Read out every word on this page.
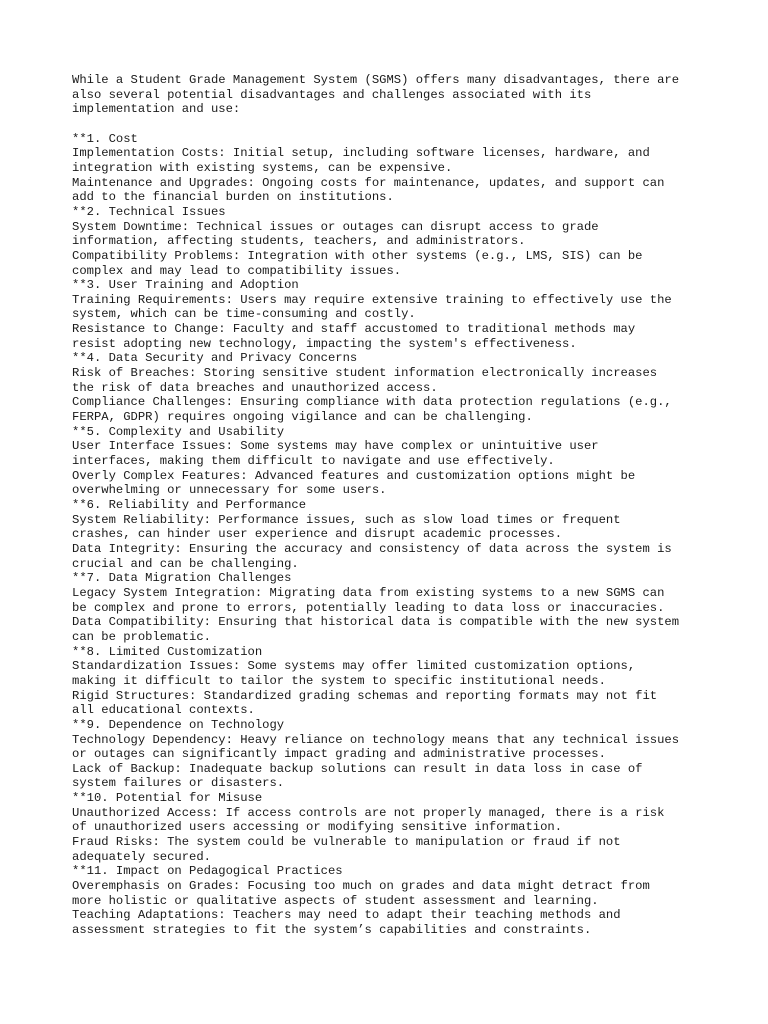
While a Student Grade Management System (SGMS) offers many disadvantages, there are
also several potential disadvantages and challenges associated with its
implementation and use:
**1. Cost
Implementation Costs: Initial setup, including software licenses, hardware, and
integration with existing systems, can be expensive.
Maintenance and Upgrades: Ongoing costs for maintenance, updates, and support can
add to the financial burden on institutions.
**2. Technical Issues
System Downtime: Technical issues or outages can disrupt access to grade
information, affecting students, teachers, and administrators.
Compatibility Problems: Integration with other systems (e.g., LMS, SIS) can be
complex and may lead to compatibility issues.
**3. User Training and Adoption
Training Requirements: Users may require extensive training to effectively use the
system, which can be time-consuming and costly.
Resistance to Change: Faculty and staff accustomed to traditional methods may
resist adopting new technology, impacting the system's effectiveness.
**4. Data Security and Privacy Concerns
Risk of Breaches: Storing sensitive student information electronically increases
the risk of data breaches and unauthorized access.
Compliance Challenges: Ensuring compliance with data protection regulations (e.g.,
FERPA, GDPR) requires ongoing vigilance and can be challenging.
**5. Complexity and Usability
User Interface Issues: Some systems may have complex or unintuitive user
interfaces, making them difficult to navigate and use effectively.
Overly Complex Features: Advanced features and customization options might be
overwhelming or unnecessary for some users.
**6. Reliability and Performance
System Reliability: Performance issues, such as slow load times or frequent
crashes, can hinder user experience and disrupt academic processes.
Data Integrity: Ensuring the accuracy and consistency of data across the system is
crucial and can be challenging.
**7. Data Migration Challenges
Legacy System Integration: Migrating data from existing systems to a new SGMS can
be complex and prone to errors, potentially leading to data loss or inaccuracies.
Data Compatibility: Ensuring that historical data is compatible with the new system
can be problematic.
**8. Limited Customization
Standardization Issues: Some systems may offer limited customization options,
making it difficult to tailor the system to specific institutional needs.
Rigid Structures: Standardized grading schemas and reporting formats may not fit
all educational contexts.
**9. Dependence on Technology
Technology Dependency: Heavy reliance on technology means that any technical issues
or outages can significantly impact grading and administrative processes.
Lack of Backup: Inadequate backup solutions can result in data loss in case of
system failures or disasters.
**10. Potential for Misuse
Unauthorized Access: If access controls are not properly managed, there is a risk
of unauthorized users accessing or modifying sensitive information.
Fraud Risks: The system could be vulnerable to manipulation or fraud if not
adequately secured.
**11. Impact on Pedagogical Practices
Overemphasis on Grades: Focusing too much on grades and data might detract from
more holistic or qualitative aspects of student assessment and learning.
Teaching Adaptations: Teachers may need to adapt their teaching methods and
assessment strategies to fit the system’s capabilities and constraints.
